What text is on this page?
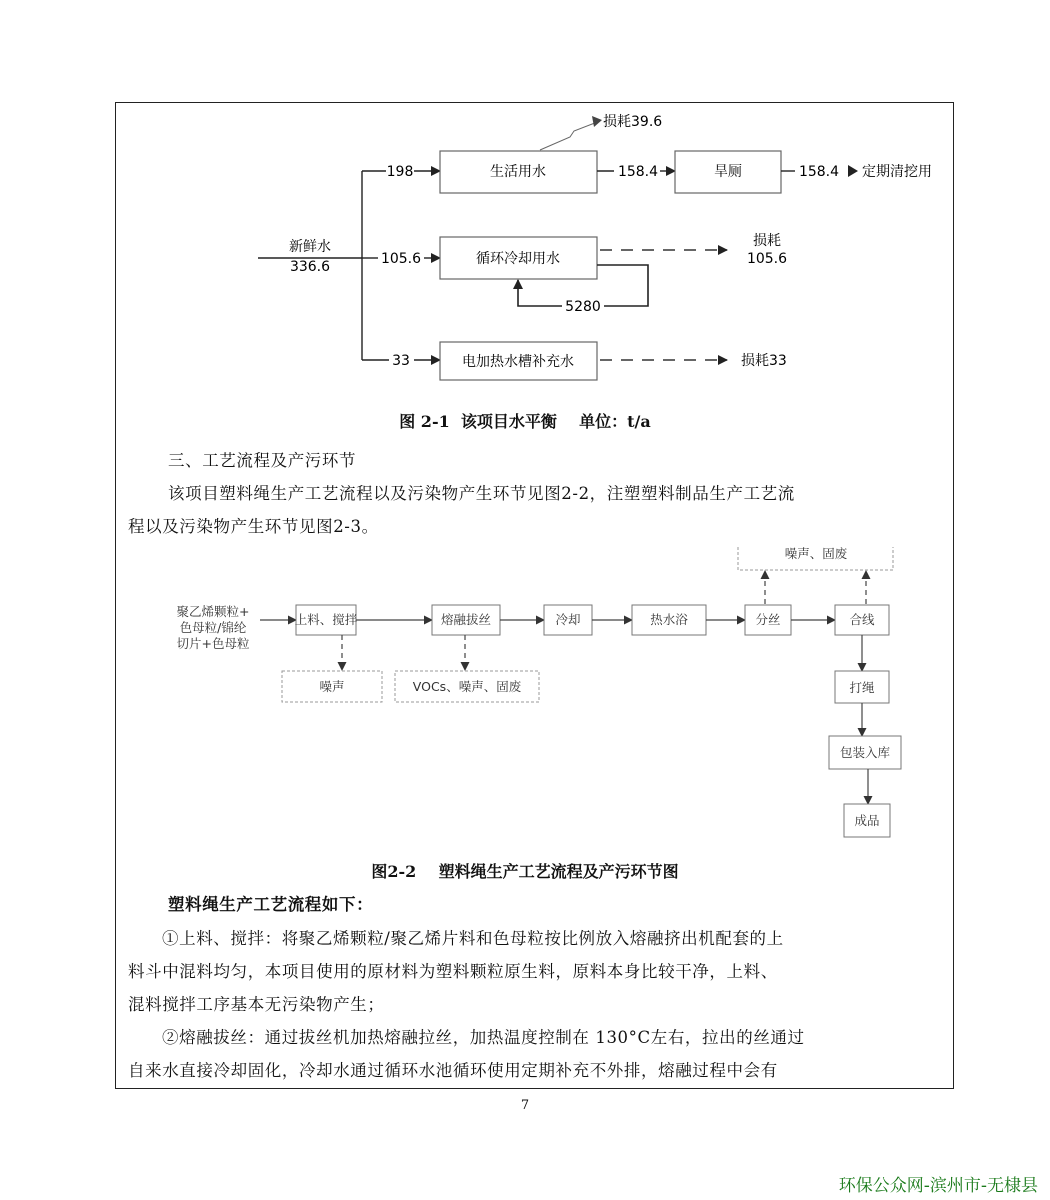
新鲜水
336.6
198	生活用水
损耗39.6
158.4	旱厕	158.4 定期清挖用
105.6	循环冷却用水
损耗
105.6
5280
33	电加热水槽补充水	损耗33
图 2-1  该项目水平衡    单位：t/a
三、工艺流程及产污环节
该项目塑料绳生产工艺流程以及污染物产生环节见图2-2，注塑塑料制品生产工艺流
程以及污染物产生环节见图2-3。
聚乙烯颗粒+
色母粒/锦纶
切片+色母粒
上料、搅拌	熔融拔丝	冷却	热水浴	分丝	合线
打绳
包装入库
成品
噪声	VOCs、噪声、固废
噪声、固废
图2-2    塑料绳生产工艺流程及产污环节图
塑料绳生产工艺流程如下：
①上料、搅拌：将聚乙烯颗粒/聚乙烯片料和色母粒按比例放入熔融挤出机配套的上
料斗中混料均匀，本项目使用的原材料为塑料颗粒原生料，原料本身比较干净，上料、
混料搅拌工序基本无污染物产生；
②熔融拔丝：通过拔丝机加热熔融拉丝，加热温度控制在 130°C左右，拉出的丝通过
自来水直接冷却固化，冷却水通过循环水池循环使用定期补充不外排，熔融过程中会有
7
环保公众网-滨州市-无棣县
